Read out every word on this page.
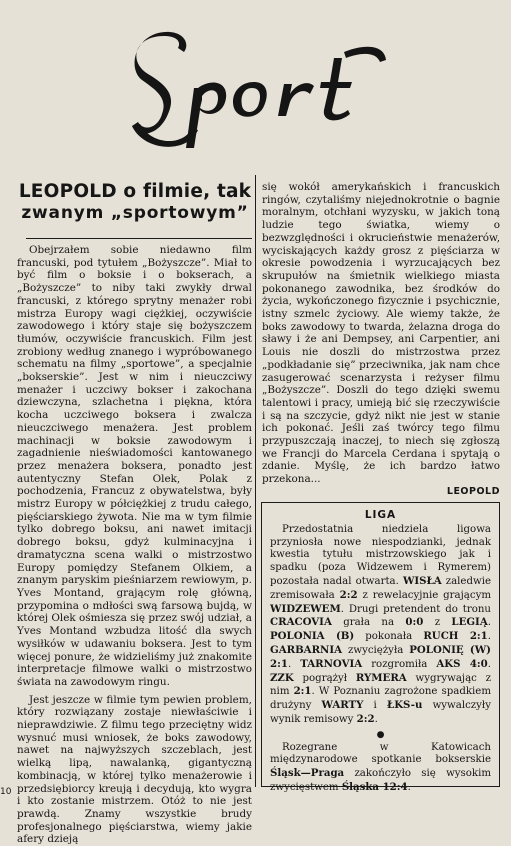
Sport
LEOPOLD o filmie, tak
zwanym „sportowym”

Obejrzałem sobie niedawno film francuski, pod tytułem „Bożyszcze”. Miał to być film o boksie i o bokserach, a „Bożyszcze” to niby taki zwykły drwal francuski, z którego sprytny menażer robi mistrza Europy wagi ciężkiej, oczywiście zawodowego i który staje się bożyszczem tłumów, oczywiście francuskich. Film jest zrobiony według znanego i wypróbowanego schematu na filmy „sportowe”, a specjalnie „bokserskie”. Jest w nim i nieuczciwy menażer i uczciwy bokser i zakochana dziewczyna, szlachetna i piękna, która kocha uczciwego boksera i zwalcza nieuczciwego menażera. Jest problem machinacji w boksie zawodowym i zagadnienie nieświadomości kantowanego przez menażera boksera, ponadto jest autentyczny Stefan Olek, Polak z pochodzenia, Francuz z obywatelstwa, były mistrz Europy w półciężkiej z trudu całego, pięściarskiego żywota. Nie ma w tym filmie tylko dobrego boksu, ani nawet imitacji dobrego boksu, gdyż kulminacyjna i dramatyczna scena walki o mistrzostwo Europy pomiędzy Stefanem Olkiem, a znanym paryskim pieśniarzem rewiowym, p. Yves Montand, grającym rolę główną, przypomina o mdłości swą farsową bujdą, w której Olek ośmiesza się przez swój udział, a Yves Montand wzbudza litość dla swych wysiłków w udawaniu boksera. Jest to tym więcej ponure, że widzieliśmy już znakomite interpretacje filmowe walki o mistrzostwo świata na zawodowym ringu.

Jest jeszcze w filmie tym pewien problem, który rozwiązany zostaje niewłaściwie i nieprawdziwie. Z filmu tego przeciętny widz wysnuć musi wniosek, że boks zawodowy, nawet na najwyższych szczeblach, jest wielką lipą, nawalanką, gigantyczną kombinacją, w której tylko menażerowie i przedsiębiorcy kreują i decydują, kto wygra i kto zostanie mistrzem. Otóż to nie jest prawdą. Znamy wszystkie brudy profesjonalnego pięściarstwa, wiemy jakie afery dzieją

się wokół amerykańskich i francuskich ringów, czytaliśmy niejednokrotnie o bagnie moralnym, otchłani wyzysku, w jakich toną ludzie tego światka, wiemy o bezwzględności i okrucieństwie menażerów, wyciskających każdy grosz z pięściarza w okresie powodzenia i wyrzucających bez skrupułów na śmietnik wielkiego miasta pokonanego zawodnika, bez środków do życia, wykończonego fizycznie i psychicznie, istny szmelc życiowy. Ale wiemy także, że boks zawodowy to twarda, żelazna droga do sławy i że ani Dempsey, ani Carpentier, ani Louis nie doszli do mistrzostwa przez „podkładanie się” przeciwnika, jak nam chce zasugerować scenarzysta i reżyser filmu „Bożyszcze”. Doszli do tego dzięki swemu talentowi i pracy, umieją bić się rzeczywiście i są na szczycie, gdyż nikt nie jest w stanie ich pokonać. Jeśli zaś twórcy tego filmu przypuszczają inaczej, to niech się zgłoszą we Francji do Marcela Cerdana i spytają o zdanie. Myślę, że ich bardzo łatwo przekona...

LEOPOLD
LIGA

Przedostatnia niedziela ligowa przyniosła nowe niespodzianki, jednak kwestia tytułu mistrzowskiego jak i spadku (poza Widzewem i Rymerem) pozostała nadal otwarta. WISŁA zaledwie zremisowała 2:2 z rewelacyjnie grającym WIDZEWEM. Drugi pretendent do tronu CRACOVIA grała na 0:0 z LEGIĄ. POLONIA (B) pokonała RUCH 2:1. GARBARNIA zwyciężyła POLONIĘ (W) 2:1. TARNOVIA rozgromiła AKS 4:0. ZZK pogrążył RYMERA wygrywając z nim 2:1. W Poznaniu zagrożone spadkiem drużyny WARTY i ŁKS-u wywalczyły wynik remisowy 2:2.

●

Rozegrane w Katowicach międzynarodowe spotkanie bokserskie Śląsk—Praga zakończyło się wysokim zwycięstwem Śląska 12:4.

10
